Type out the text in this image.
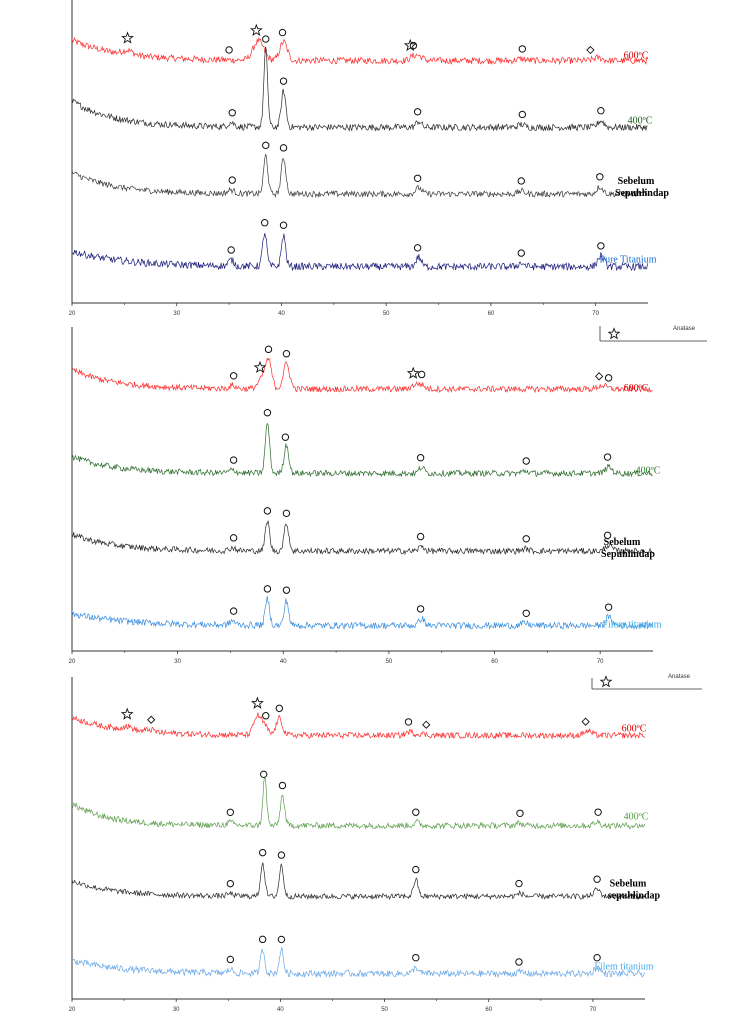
20	30	40	50	60	70
600ºC
400ºC
Sebelum Sepuhlindap
Pure Titanium
Anatase
20	30	40	50	60	70
600ºC
400ºC
Sebelum Sepuhlindap
Filem titanium
Anatase
20	30	40	50	60	70
600ºC
400ºC
Sebelum sepuhlindap
Filem titanium
